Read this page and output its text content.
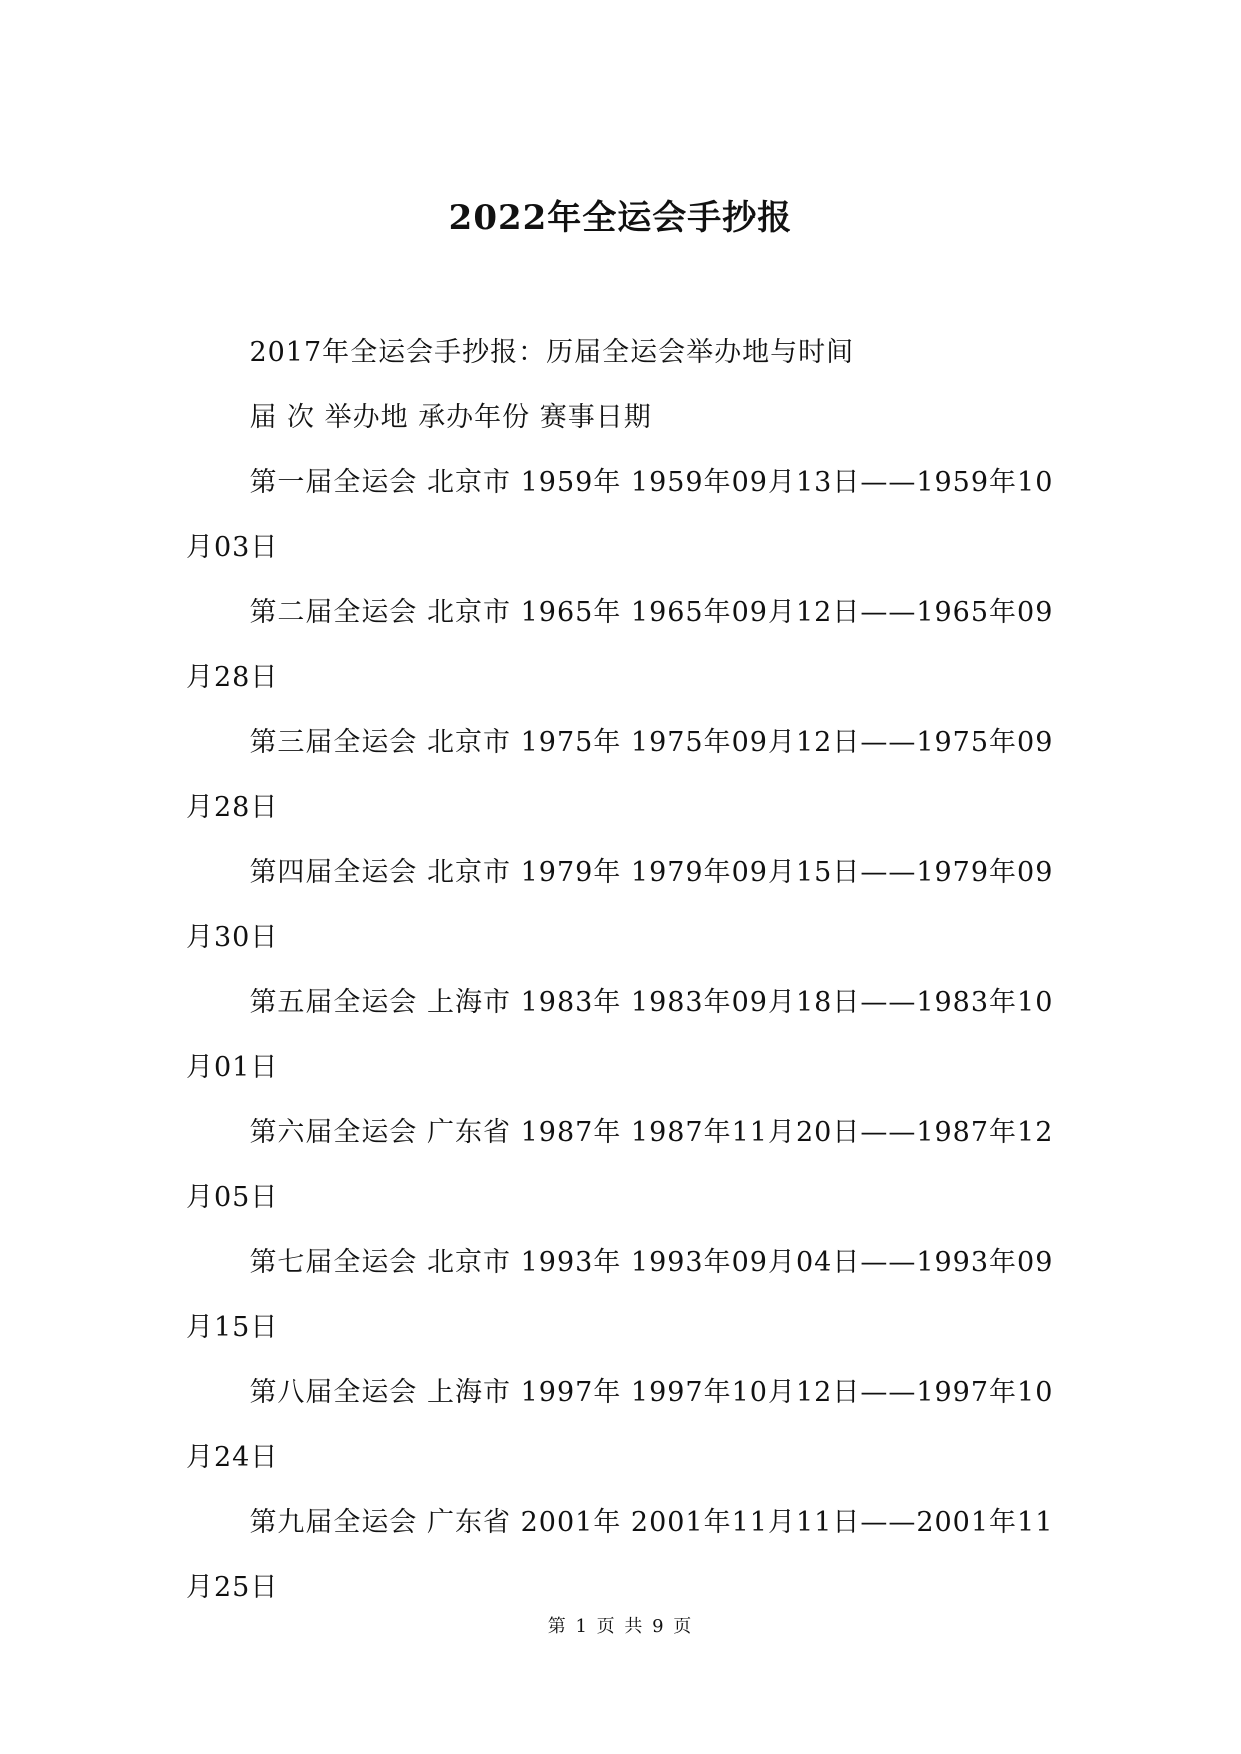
2022年全运会手抄报

2017年全运会手抄报：历届全运会举办地与时间

届 次 举办地 承办年份 赛事日期

第一届全运会 北京市 1959年 1959年09月13日——1959年10月03日

第二届全运会 北京市 1965年 1965年09月12日——1965年09月28日

第三届全运会 北京市 1975年 1975年09月12日——1975年09月28日

第四届全运会 北京市 1979年 1979年09月15日——1979年09月30日

第五届全运会 上海市 1983年 1983年09月18日——1983年10月01日

第六届全运会 广东省 1987年 1987年11月20日——1987年12月05日

第七届全运会 北京市 1993年 1993年09月04日——1993年09月15日

第八届全运会 上海市 1997年 1997年10月12日——1997年10月24日

第九届全运会 广东省 2001年 2001年11月11日——2001年11月25日

第 1 页 共 9 页
